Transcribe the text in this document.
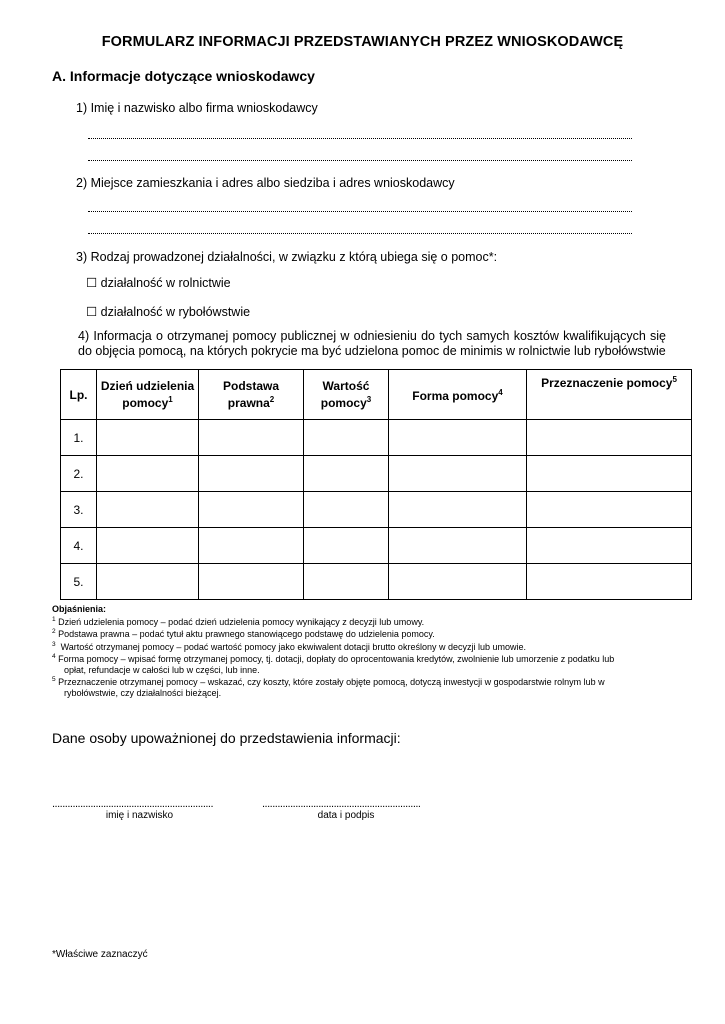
FORMULARZ INFORMACJI PRZEDSTAWIANYCH PRZEZ WNIOSKODAWCĘ
A. Informacje dotyczące wnioskodawcy
1) Imię i nazwisko albo firma wnioskodawcy
2) Miejsce zamieszkania i adres albo siedziba i adres wnioskodawcy
3) Rodzaj prowadzonej działalności, w związku z którą ubiega się o pomoc*:
☐ działalność w rolnictwie
☐ działalność w rybołówstwie
4) Informacja o otrzymanej pomocy publicznej w odniesieniu do tych samych kosztów kwalifikujących się do objęcia pomocą, na których pokrycie ma być udzielona pomoc de minimis w rolnictwie lub rybołówstwie
Lp.	Dzień udzielenia pomocy$^1$	Podstawa prawna$^2$	Wartość pomocy$^3$	Forma pomocy$^4$	Przeznaczenie pomocy$^5$
1.					
2.					
3.					
4.					
5.					
Objaśnienia:
$^1$ Dzień udzielenia pomocy – podać dzień udzielenia pomocy wynikający z decyzji lub umowy.
$^2$ Podstawa prawna – podać tytuł aktu prawnego stanowiącego podstawę do udzielenia pomocy.
$^3$  Wartość otrzymanej pomocy – podać wartość pomocy jako ekwiwalent dotacji brutto określony w decyzji lub umowie.
$^4$ Forma pomocy – wpisać formę otrzymanej pomocy, tj. dotacji, dopłaty do oprocentowania kredytów, zwolnienie lub umorzenie z podatku lub
opłat, refundacje w całości lub w części, lub inne.
$^5$ Przeznaczenie otrzymanej pomocy – wskazać, czy koszty, które zostały objęte pomocą, dotyczą inwestycji w gospodarstwie rolnym lub w
rybołówstwie, czy działalności bieżącej.
Dane osoby upoważnionej do przedstawienia informacji:
...............................................................
imię i nazwisko
..............................................................
data i podpis
*Właściwe zaznaczyć
